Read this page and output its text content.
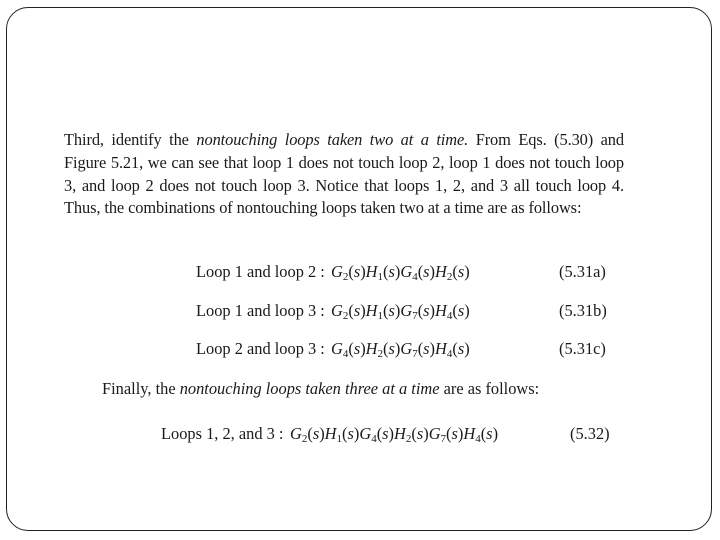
Third, identify the nontouching loops taken two at a time. From Eqs. (5.30) and Figure 5.21, we can see that loop 1 does not touch loop 2, loop 1 does not touch loop 3, and loop 2 does not touch loop 3. Notice that loops 1, 2, and 3 all touch loop 4. Thus, the combinations of nontouching loops taken two at a time are as follows:

Loop 1 and loop 2 : $G_2(s)H_1(s)G_4(s)H_2(s)$	(5.31a)
Loop 1 and loop 3 : $G_2(s)H_1(s)G_7(s)H_4(s)$	(5.31b)
Loop 2 and loop 3 : $G_4(s)H_2(s)G_7(s)H_4(s)$	(5.31c)
Finally, the nontouching loops taken three at a time are as follows:
Loops 1, 2, and 3 : $G_2(s)H_1(s)G_4(s)H_2(s)G_7(s)H_4(s)$	(5.32)
